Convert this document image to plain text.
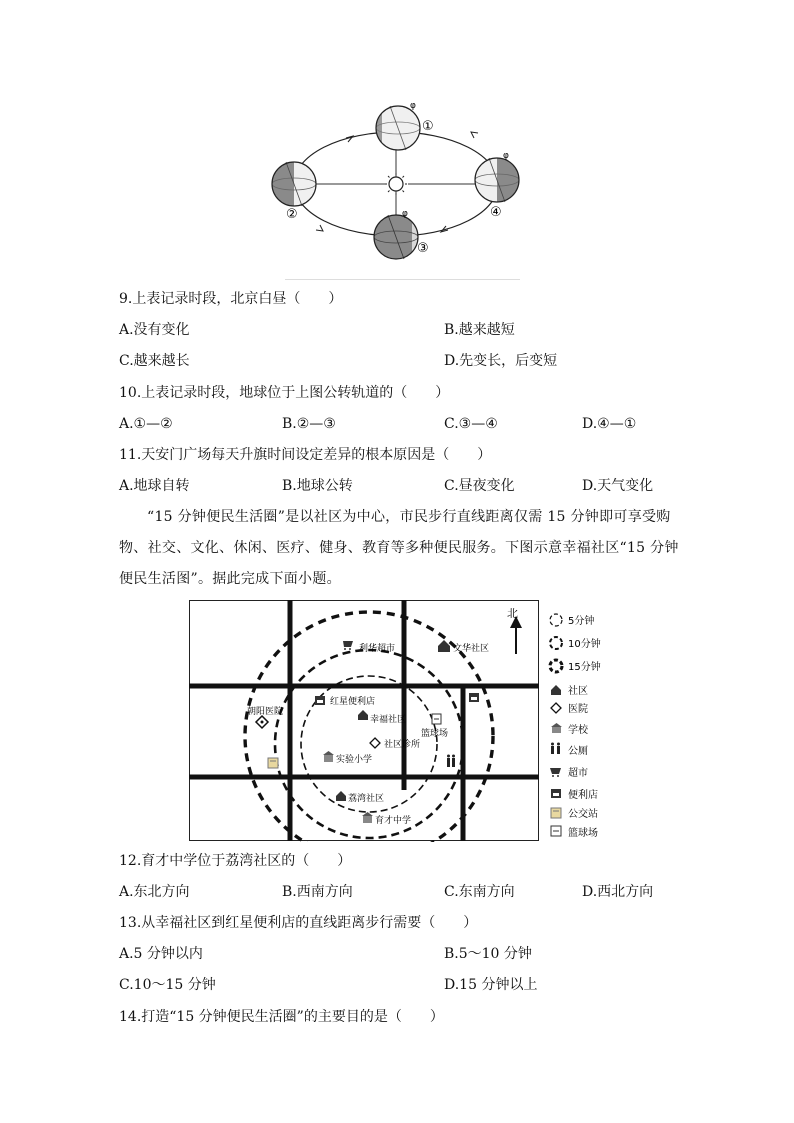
φ
①
②	φ
③
φ
④
9.上表记录时段，北京白昼（　　）
A.没有变化	B.越来越短
C.越来越长	D.先变长，后变短
10.上表记录时段，地球位于上图公转轨道的（　　）
A.①—②	B.②—③	C.③—④	D.④—①
11.天安门广场每天升旗时间设定差异的根本原因是（　　）
A.地球自转	B.地球公转	C.昼夜变化	D.天气变化
“15 分钟便民生活圈”是以社区为中心，市民步行直线距离仅需 15 分钟即可享受购
物、社交、文化、休闲、医疗、健身、教育等多种便民服务。下图示意幸福社区“15 分钟
便民生活图”。据此完成下面小题。
北
利华超市	文华社区
红星便利店
幸福社区
朝阳医院
篮球场
社区诊所
实验小学
荔湾社区
育才中学
5分钟
10分钟
15分钟
社区
医院
学校
公厕
超市
便利店
公交站
篮球场
12.育才中学位于荔湾社区的（　　）
A.东北方向	B.西南方向	C.东南方向	D.西北方向
13.从幸福社区到红星便利店的直线距离步行需要（　　）
A.5 分钟以内	B.5～10 分钟
C.10～15 分钟	D.15 分钟以上
14.打造“15 分钟便民生活圈”的主要目的是（　　）
